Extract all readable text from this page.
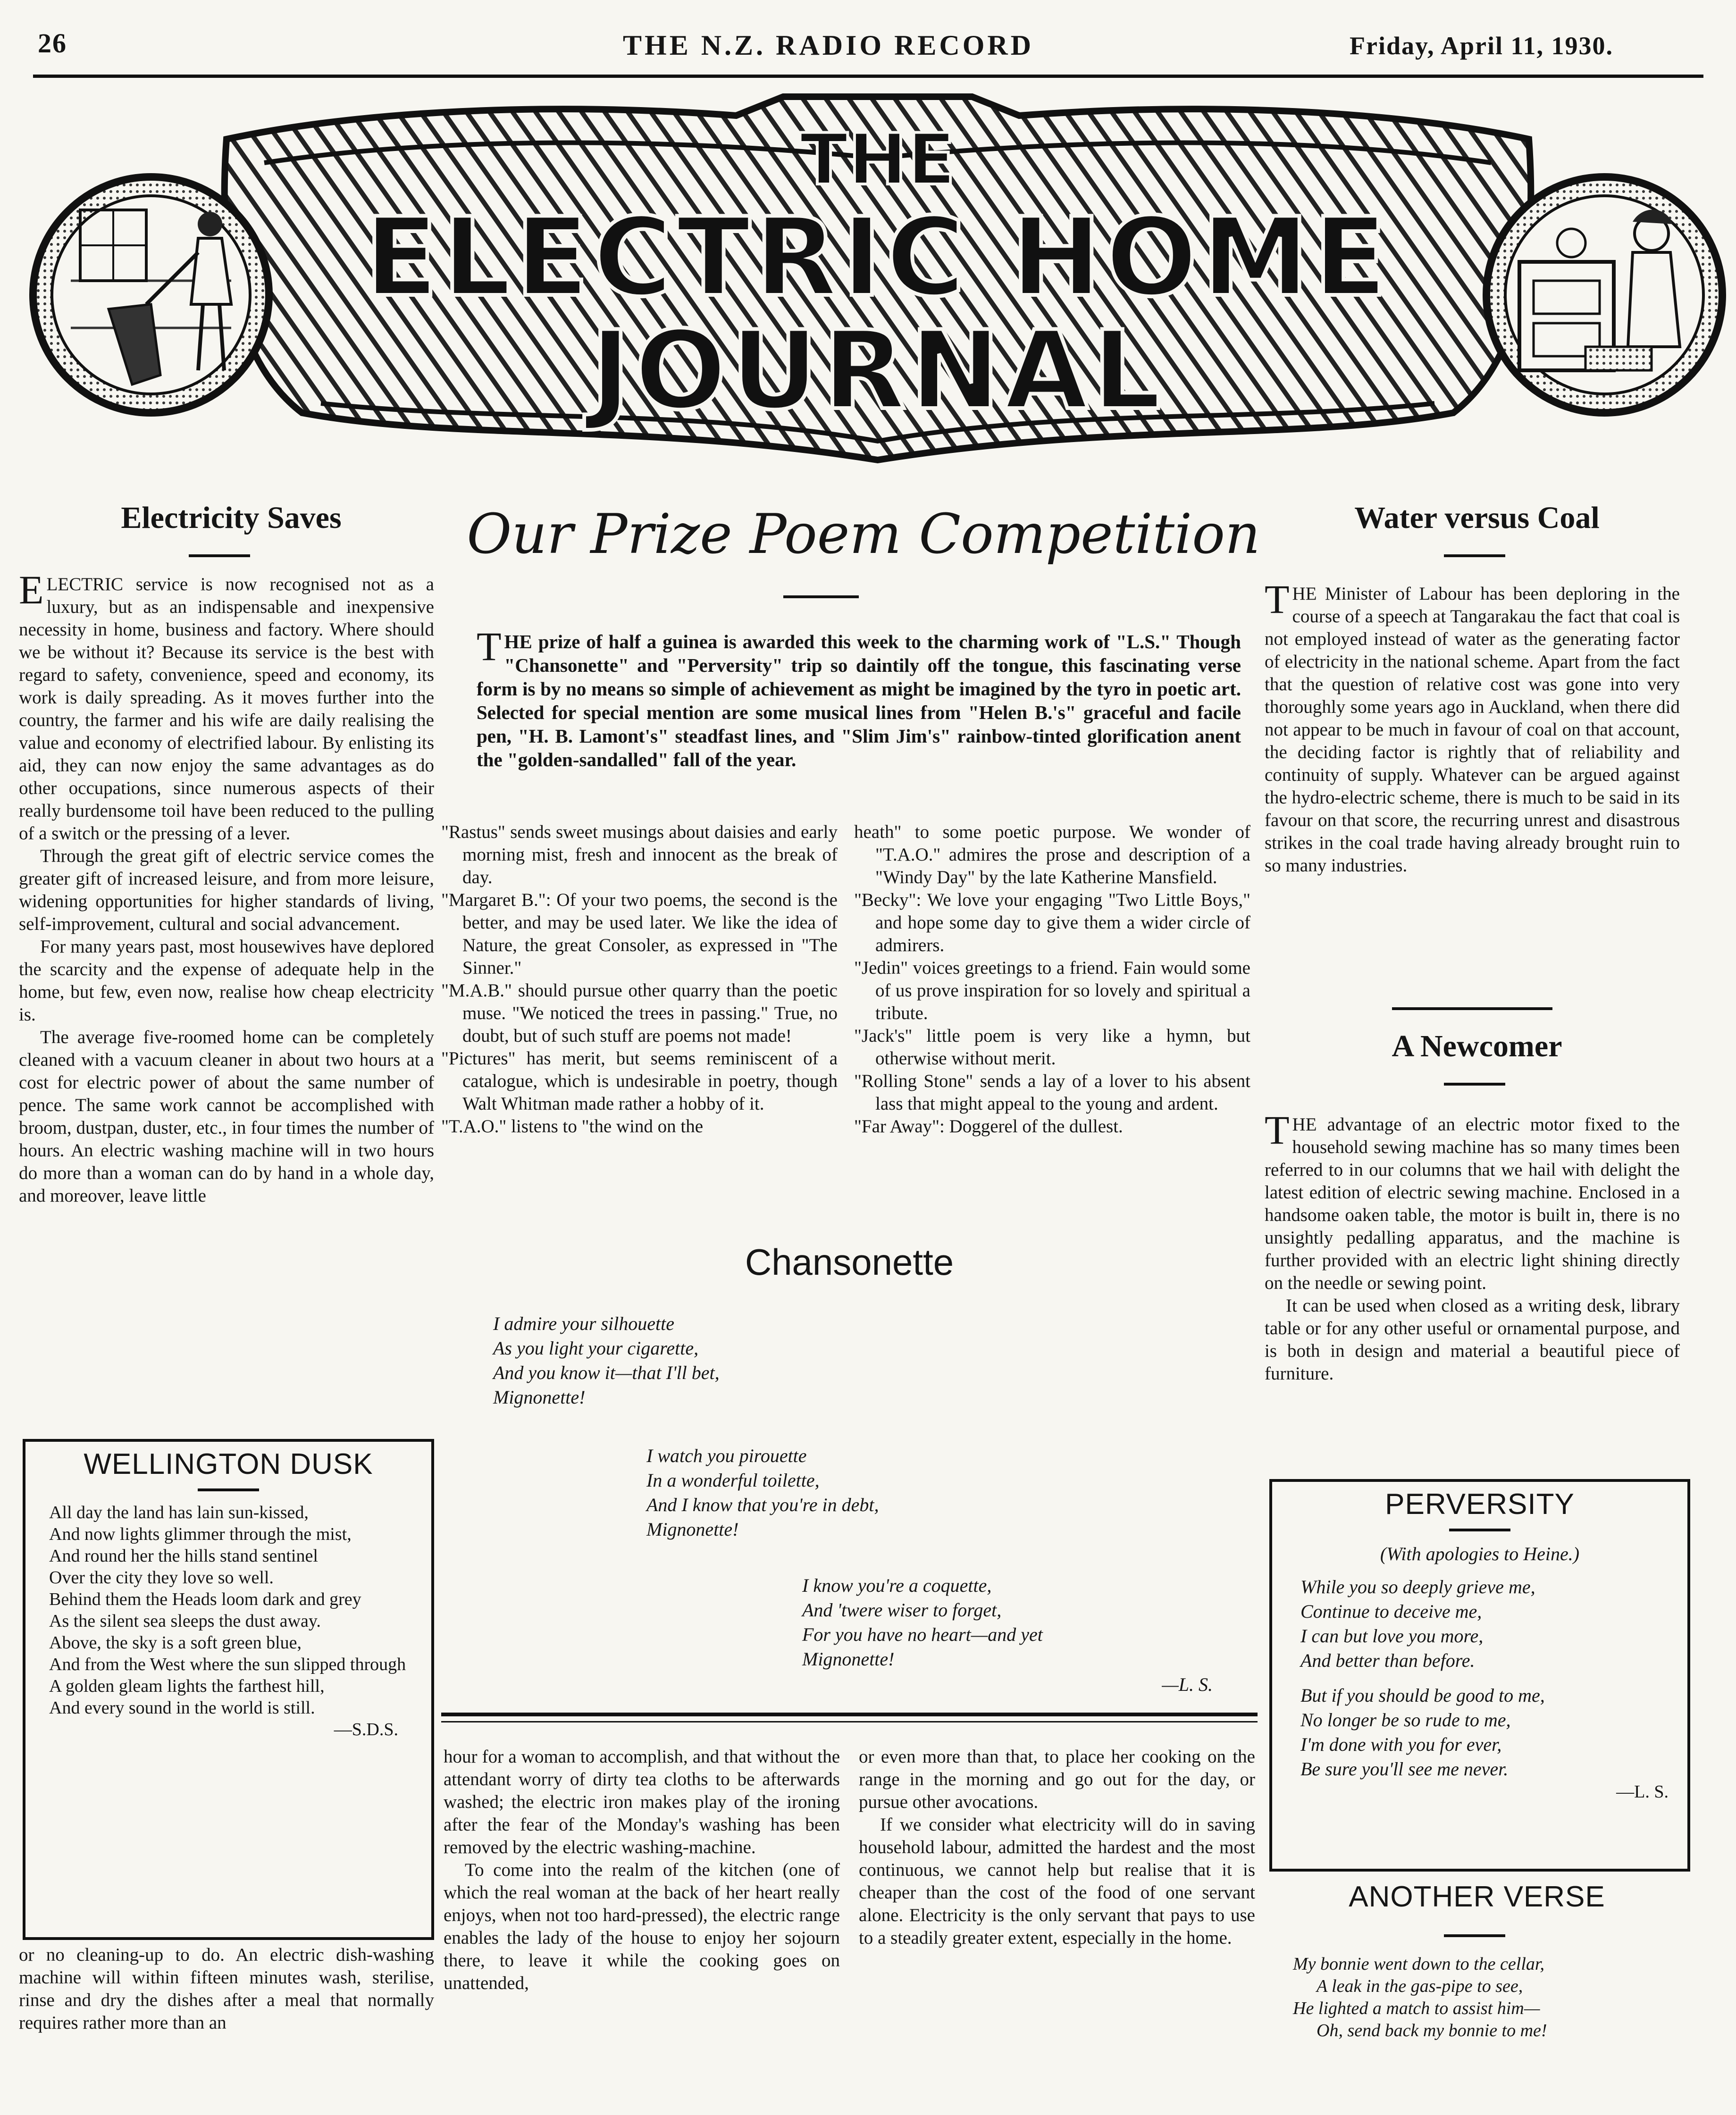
26	THE N.Z. RADIO RECORD	Friday, April 11, 1930.
THE
ELECTRIC HOME
JOURNAL
Electricity Saves

ELECTRIC service is now recognised not as a luxury, but as an indispensable and inexpensive necessity in home, business and factory. Where should we be without it? Because its service is the best with regard to safety, convenience, speed and economy, its work is daily spreading. As it moves further into the country, the farmer and his wife are daily realising the value and economy of electrified labour. By enlisting its aid, they can now enjoy the same advantages as do other occupations, since numerous aspects of their really burdensome toil have been reduced to the pulling of a switch or the pressing of a lever.

Through the great gift of electric service comes the greater gift of increased leisure, and from more leisure, widening opportunities for higher standards of living, self-improvement, cultural and social advancement.

For many years past, most housewives have deplored the scarcity and the expense of adequate help in the home, but few, even now, realise how cheap electricity is.

The average five-roomed home can be completely cleaned with a vacuum cleaner in about two hours at a cost for electric power of about the same number of pence. The same work cannot be accomplished with broom, dustpan, duster, etc., in four times the number of hours. An electric washing machine will in two hours do more than a woman can do by hand in a whole day, and moreover, leave little

WELLINGTON DUSK

All day the land has lain sun-kissed,

And now lights glimmer through the mist,

And round her the hills stand sentinel

Over the city they love so well.

Behind them the Heads loom dark and grey

As the silent sea sleeps the dust away.

Above, the sky is a soft green blue,

And from the West where the sun slipped through

A golden gleam lights the farthest hill,

And every sound in the world is still.

—S.D.S.

or no cleaning-up to do. An electric dish-washing machine will within fifteen minutes wash, sterilise, rinse and dry the dishes after a meal that normally requires rather more than an

Our Prize Poem Competition
THE prize of half a guinea is awarded this week to the charming work of "L.S." Though "Chansonette" and "Perversity" trip so daintily off the tongue, this fascinating verse form is by no means so simple of achievement as might be imagined by the tyro in poetic art. Selected for special mention are some musical lines from "Helen B.'s" graceful and facile pen, "H. B. Lamont's" steadfast lines, and "Slim Jim's" rainbow-tinted glorification anent the "golden-sandalled" fall of the year.

"Rastus" sends sweet musings about daisies and early morning mist, fresh and innocent as the break of day.

"Margaret B.": Of your two poems, the second is the better, and may be used later. We like the idea of Nature, the great Consoler, as expressed in "The Sinner."

"M.A.B." should pursue other quarry than the poetic muse. "We noticed the trees in passing." True, no doubt, but of such stuff are poems not made!

"Pictures" has merit, but seems reminiscent of a catalogue, which is undesirable in poetry, though Walt Whitman made rather a hobby of it.

"T.A.O." listens to "the wind on the

heath" to some poetic purpose. We wonder of "T.A.O." admires the prose and description of a "Windy Day" by the late Katherine Mansfield.

"Becky": We love your engaging "Two Little Boys," and hope some day to give them a wider circle of admirers.

"Jedin" voices greetings to a friend. Fain would some of us prove inspiration for so lovely and spiritual a tribute.

"Jack's" little poem is very like a hymn, but otherwise without merit.

"Rolling Stone" sends a lay of a lover to his absent lass that might appeal to the young and ardent.

"Far Away": Doggerel of the dullest.

Chansonette
I admire your silhouette
As you light your cigarette,
And you know it—that I'll bet,
Mignonette!
I watch you pirouette
In a wonderful toilette,
And I know that you're in debt,
Mignonette!
I know you're a coquette,
And 'twere wiser to forget,
For you have no heart—and yet
Mignonette!
—L. S.

hour for a woman to accomplish, and that without the attendant worry of dirty tea cloths to be afterwards washed; the electric iron makes play of the ironing after the fear of the Monday's washing has been removed by the electric washing-machine.

To come into the realm of the kitchen (one of which the real woman at the back of her heart really enjoys, when not too hard-pressed), the electric range enables the lady of the house to enjoy her sojourn there, to leave it while the cooking goes on unattended,

or even more than that, to place her cooking on the range in the morning and go out for the day, or pursue other avocations.

If we consider what electricity will do in saving household labour, admitted the hardest and the most continuous, we cannot help but realise that it is cheaper than the cost of the food of one servant alone. Electricity is the only servant that pays to use to a steadily greater extent, especially in the home.

Water versus Coal

THE Minister of Labour has been deploring in the course of a speech at Tangarakau the fact that coal is not employed instead of water as the generating factor of electricity in the national scheme. Apart from the fact that the question of relative cost was gone into very thoroughly some years ago in Auckland, when there did not appear to be much in favour of coal on that account, the deciding factor is rightly that of reliability and continuity of supply. Whatever can be argued against the hydro-electric scheme, there is much to be said in its favour on that score, the recurring unrest and disastrous strikes in the coal trade having already brought ruin to so many industries.

A Newcomer

THE advantage of an electric motor fixed to the household sewing machine has so many times been referred to in our columns that we hail with delight the latest edition of electric sewing machine. Enclosed in a handsome oaken table, the motor is built in, there is no unsightly pedalling apparatus, and the machine is further provided with an electric light shining directly on the needle or sewing point.

It can be used when closed as a writing desk, library table or for any other useful or ornamental purpose, and is both in design and material a beautiful piece of furniture.

PERVERSITY
(With apologies to Heine.)
While you so deeply grieve me,
Continue to deceive me,
I can but love you more,
And better than before.
But if you should be good to me,
No longer be so rude to me,
I'm done with you for ever,
Be sure you'll see me never.
—L. S.
ANOTHER VERSE
My bonnie went down to the cellar,
A leak in the gas-pipe to see,
He lighted a match to assist him—
Oh, send back my bonnie to me!
